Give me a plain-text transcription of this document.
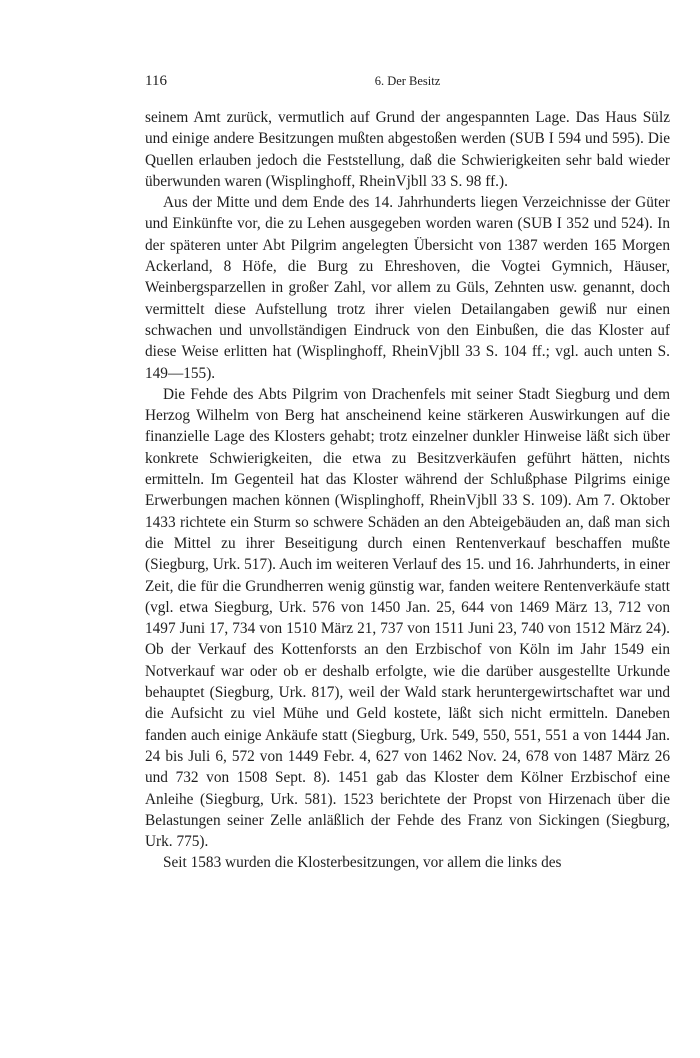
116	6. Der Besitz

seinem Amt zurück, vermutlich auf Grund der angespannten Lage. Das Haus Sülz und einige andere Besitzungen mußten abgestoßen werden (SUB I 594 und 595). Die Quellen erlauben jedoch die Feststellung, daß die Schwierigkeiten sehr bald wieder überwunden waren (Wisplinghoff, RheinVjbll 33 S. 98 ff.).

Aus der Mitte und dem Ende des 14. Jahrhunderts liegen Verzeichnisse der Güter und Einkünfte vor, die zu Lehen ausgegeben worden waren (SUB I 352 und 524). In der späteren unter Abt Pilgrim angelegten Übersicht von 1387 werden 165 Morgen Ackerland, 8 Höfe, die Burg zu Ehreshoven, die Vogtei Gymnich, Häuser, Weinbergsparzellen in großer Zahl, vor allem zu Güls, Zehnten usw. genannt, doch vermittelt diese Aufstellung trotz ihrer vielen Detailangaben gewiß nur einen schwachen und unvollständigen Eindruck von den Einbußen, die das Kloster auf diese Weise erlitten hat (Wisplinghoff, RheinVjbll 33 S. 104 ff.; vgl. auch unten S. 149—155).

Die Fehde des Abts Pilgrim von Drachenfels mit seiner Stadt Siegburg und dem Herzog Wilhelm von Berg hat anscheinend keine stärkeren Auswirkungen auf die finanzielle Lage des Klosters gehabt; trotz einzelner dunkler Hinweise läßt sich über konkrete Schwierigkeiten, die etwa zu Besitzverkäufen geführt hätten, nichts ermitteln. Im Gegenteil hat das Kloster während der Schlußphase Pilgrims einige Erwerbungen machen können (Wisplinghoff, RheinVjbll 33 S. 109). Am 7. Oktober 1433 richtete ein Sturm so schwere Schäden an den Abteigebäuden an, daß man sich die Mittel zu ihrer Beseitigung durch einen Rentenverkauf beschaffen mußte (Siegburg, Urk. 517). Auch im weiteren Verlauf des 15. und 16. Jahrhunderts, in einer Zeit, die für die Grundherren wenig günstig war, fanden weitere Rentenverkäufe statt (vgl. etwa Siegburg, Urk. 576 von 1450 Jan. 25, 644 von 1469 März 13, 712 von 1497 Juni 17, 734 von 1510 März 21, 737 von 1511 Juni 23, 740 von 1512 März 24). Ob der Verkauf des Kottenforsts an den Erzbischof von Köln im Jahr 1549 ein Notverkauf war oder ob er deshalb erfolgte, wie die darüber ausgestellte Urkunde behauptet (Siegburg, Urk. 817), weil der Wald stark heruntergewirtschaftet war und die Aufsicht zu viel Mühe und Geld kostete, läßt sich nicht ermitteln. Daneben fanden auch einige Ankäufe statt (Siegburg, Urk. 549, 550, 551, 551 a von 1444 Jan. 24 bis Juli 6, 572 von 1449 Febr. 4, 627 von 1462 Nov. 24, 678 von 1487 März 26 und 732 von 1508 Sept. 8). 1451 gab das Kloster dem Kölner Erzbischof eine Anleihe (Siegburg, Urk. 581). 1523 berichtete der Propst von Hirzenach über die Belastungen seiner Zelle anläßlich der Fehde des Franz von Sickingen (Siegburg, Urk. 775).

Seit 1583 wurden die Klosterbesitzungen, vor allem die links des
